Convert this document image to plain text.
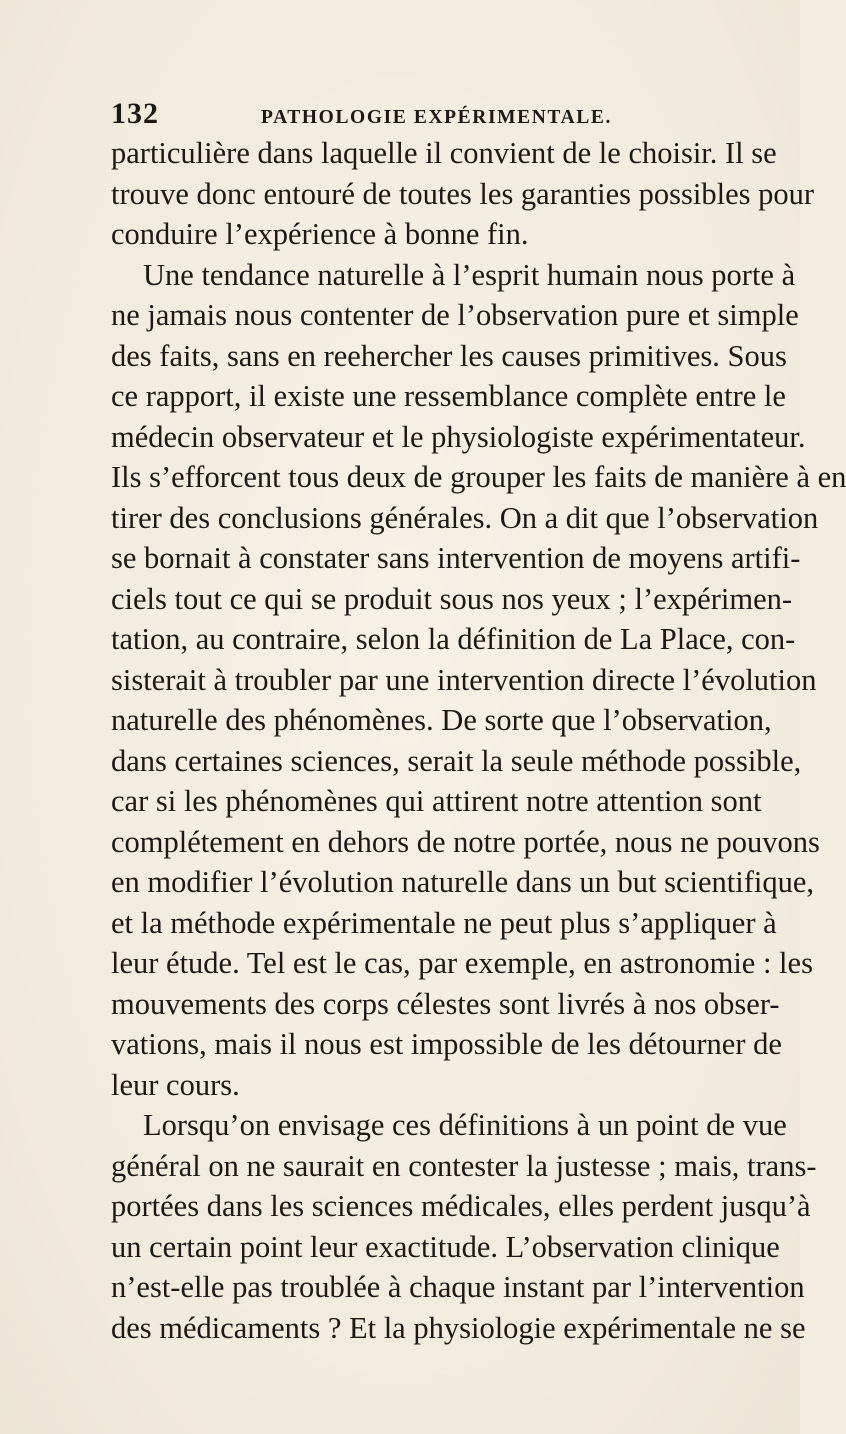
132	PATHOLOGIE EXPÉRIMENTALE.
particulière dans laquelle il convient de le choisir. Il se
trouve donc entouré de toutes les garanties possibles pour
conduire l’expérience à bonne fin.
Une tendance naturelle à l’esprit humain nous porte à
ne jamais nous contenter de l’observation pure et simple
des faits, sans en reehercher les causes primitives. Sous
ce rapport, il existe une ressemblance complète entre le
médecin observateur et le physiologiste expérimentateur.
Ils s’efforcent tous deux de grouper les faits de manière à en
tirer des conclusions générales. On a dit que l’observation
se bornait à constater sans intervention de moyens artifi-
ciels tout ce qui se produit sous nos yeux ; l’expérimen-
tation, au contraire, selon la définition de La Place, con-
sisterait à troubler par une intervention directe l’évolution
naturelle des phénomènes. De sorte que l’observation,
dans certaines sciences, serait la seule méthode possible,
car si les phénomènes qui attirent notre attention sont
complétement en dehors de notre portée, nous ne pouvons
en modifier l’évolution naturelle dans un but scientifique,
et la méthode expérimentale ne peut plus s’appliquer à
leur étude. Tel est le cas, par exemple, en astronomie : les
mouvements des corps célestes sont livrés à nos obser-
vations, mais il nous est impossible de les détourner de
leur cours.
Lorsqu’on envisage ces définitions à un point de vue
général on ne saurait en contester la justesse ; mais, trans-
portées dans les sciences médicales, elles perdent jusqu’à
un certain point leur exactitude. L’observation clinique
n’est-elle pas troublée à chaque instant par l’intervention
des médicaments ? Et la physiologie expérimentale ne se
